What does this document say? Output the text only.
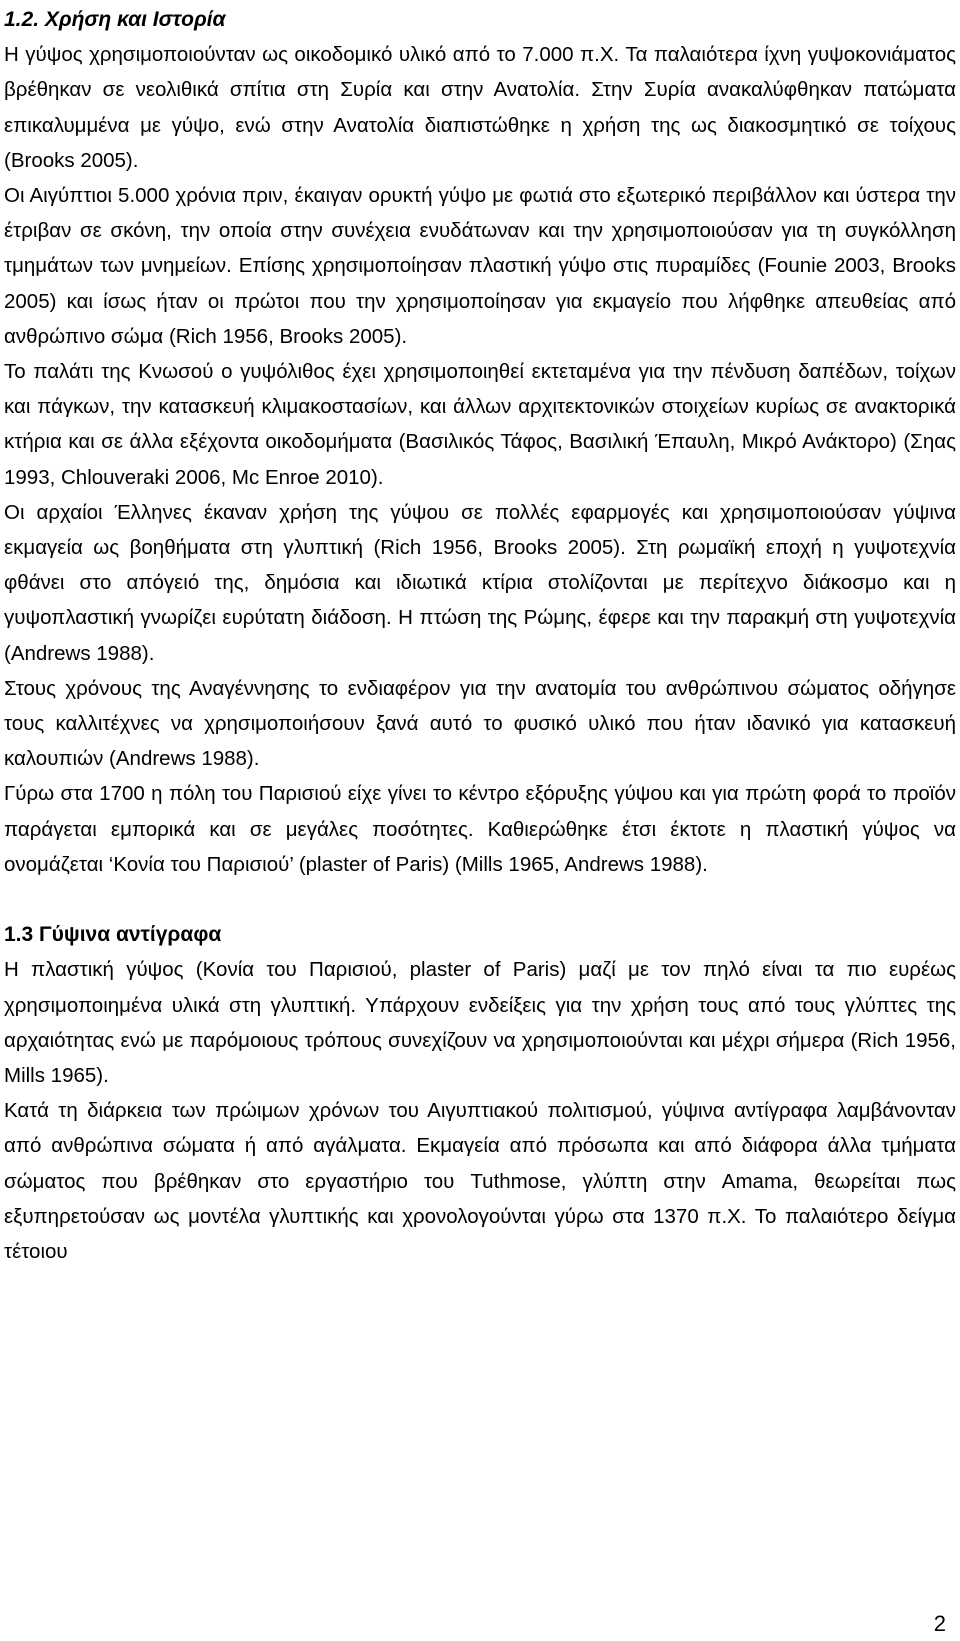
1.2. Χρήση και Ιστορία

Η γύψος χρησιμοποιούνταν ως οικοδομικό υλικό από το 7.000 π.Χ. Τα παλαιότερα ίχνη γυψοκονιάματος βρέθηκαν σε νεολιθικά σπίτια στη Συρία και στην Ανατολία. Στην Συρία ανακαλύφθηκαν πατώματα επικαλυμμένα με γύψο, ενώ στην Ανατολία διαπιστώθηκε η χρήση της ως διακοσμητικό σε τοίχους (Brooks 2005).

Οι Αιγύπτιοι 5.000 χρόνια πριν, έκαιγαν ορυκτή γύψο με φωτιά στο εξωτερικό περιβάλλον και ύστερα την έτριβαν σε σκόνη, την οποία στην συνέχεια ενυδάτωναν και την χρησιμοποιούσαν για τη συγκόλληση τμημάτων των μνημείων. Επίσης χρησιμοποίησαν πλαστική γύψο στις πυραμίδες (Founie 2003, Brooks 2005) και ίσως ήταν οι πρώτοι που την χρησιμοποίησαν για εκμαγείο που λήφθηκε απευθείας από ανθρώπινο σώμα (Rich 1956, Brooks 2005).

Το παλάτι της Κνωσού ο γυψόλιθος έχει χρησιμοποιηθεί εκτεταμένα για την πένδυση δαπέδων, τοίχων και πάγκων, την κατασκευή κλιμακοστασίων, και άλλων αρχιτεκτονικών στοιχείων κυρίως σε ανακτορικά κτήρια και σε άλλα εξέχοντα οικοδομήματα (Βασιλικός Τάφος, Βασιλική Έπαυλη, Μικρό Ανάκτορο) (Σηας 1993, Chlouveraki 2006, Mc Enroe 2010).

Οι αρχαίοι Έλληνες έκαναν χρήση της γύψου σε πολλές εφαρμογές και χρησιμοποιούσαν γύψινα εκμαγεία ως βοηθήματα στη γλυπτική (Rich 1956, Brooks 2005). Στη ρωμαϊκή εποχή η γυψοτεχνία φθάνει στο απόγειό της, δημόσια και ιδιωτικά κτίρια στολίζονται με περίτεχνο διάκοσμο και η γυψοπλαστική γνωρίζει ευρύτατη διάδοση. Η πτώση της Ρώμης, έφερε και την παρακμή στη γυψοτεχνία (Andrews 1988).

Στους χρόνους της Αναγέννησης το ενδιαφέρον για την ανατομία του ανθρώπινου σώματος οδήγησε τους καλλιτέχνες να χρησιμοποιήσουν ξανά αυτό το φυσικό υλικό που ήταν ιδανικό για κατασκευή καλουπιών (Andrews 1988).

Γύρω στα 1700 η πόλη του Παρισιού είχε γίνει το κέντρο εξόρυξης γύψου και για πρώτη φορά το προϊόν παράγεται εμπορικά και σε μεγάλες ποσότητες. Καθιερώθηκε έτσι έκτοτε η πλαστική γύψος να ονομάζεται ‘Κονία του Παρισιού’ (plaster of Paris) (Mills 1965, Andrews 1988).

1.3 Γύψινα αντίγραφα

Η πλαστική γύψος (Κονία του Παρισιού, plaster of Paris) μαζί με τον πηλό είναι τα πιο ευρέως χρησιμοποιημένα υλικά στη γλυπτική. Υπάρχουν ενδείξεις για την χρήση τους από τους γλύπτες της αρχαιότητας ενώ με παρόμοιους τρόπους συνεχίζουν να χρησιμοποιούνται και μέχρι σήμερα (Rich 1956, Mills 1965).

Κατά τη διάρκεια των πρώιμων χρόνων του Αιγυπτιακού πολιτισμού, γύψινα αντίγραφα λαμβάνονταν από ανθρώπινα σώματα ή από αγάλματα. Εκμαγεία από πρόσωπα και από διάφορα άλλα τμήματα σώματος που βρέθηκαν στο εργαστήριο του Tuthmose, γλύπτη στην Amama, θεωρείται πως εξυπηρετούσαν ως μοντέλα γλυπτικής και χρονολογούνται γύρω στα 1370 π.Χ. Το παλαιότερο δείγμα τέτοιου

2
